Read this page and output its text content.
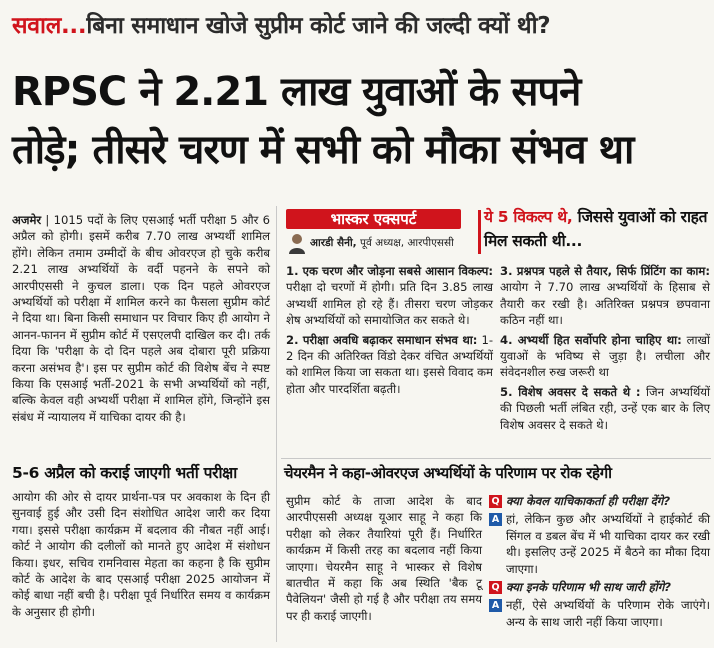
सवाल...बिना समाधान खोजे सुप्रीम कोर्ट जाने की जल्दी क्यों थी?
RPSC ने 2.21 लाख युवाओं के सपने
तोड़े; तीसरे चरण में सभी को मौका संभव था
अजमेर | 1015 पदों के लिए एसआई भर्ती परीक्षा 5 और 6 अप्रैल को होगी। इसमें करीब 7.70 लाख अभ्यर्थी शामिल होंगे। लेकिन तमाम उम्मीदों के बीच ओवरएज हो चुके करीब 2.21 लाख अभ्यर्थियों के वर्दी पहनने के सपने को आरपीएससी ने कुचल डाला। एक दिन पहले ओवरएज अभ्यर्थियों को परीक्षा में शामिल करने का फैसला सुप्रीम कोर्ट ने दिया था। बिना किसी समाधान पर विचार किए ही आयोग ने आनन-फानन में सुप्रीम कोर्ट में एसएलपी दाखिल कर दी। तर्क दिया कि 'परीक्षा के दो दिन पहले अब दोबारा पूरी प्रक्रिया करना असंभव है'। इस पर सुप्रीम कोर्ट की विशेष बेंच ने स्पष्ट किया कि एसआई भर्ती-2021 के सभी अभ्यर्थियों को नहीं, बल्कि केवल वही अभ्यर्थी परीक्षा में शामिल होंगे, जिन्होंने इस संबंध में न्यायालय में याचिका दायर की है।
5-6 अप्रैल को कराई जाएगी भर्ती परीक्षा
आयोग की ओर से दायर प्रार्थना-पत्र पर अवकाश के दिन ही सुनवाई हुई और उसी दिन संशोधित आदेश जारी कर दिया गया। इससे परीक्षा कार्यक्रम में बदलाव की नौबत नहीं आई। कोर्ट ने आयोग की दलीलों को मानते हुए आदेश में संशोधन किया। इधर, सचिव रामनिवास मेहता का कहना है कि सुप्रीम कोर्ट के आदेश के बाद एसआई परीक्षा 2025 आयोजन में कोई बाधा नहीं बची है। परीक्षा पूर्व निर्धारित समय व कार्यक्रम के अनुसार ही होगी।
भास्कर एक्सपर्ट
आरडी सैनी, पूर्व अध्यक्ष, आरपीएससी
ये 5 विकल्प थे, जिससे युवाओं को राहत मिल सकती थी...

1. एक चरण और जोड़ना सबसे आसान विकल्प: परीक्षा दो चरणों में होगी। प्रति दिन 3.85 लाख अभ्यर्थी शामिल हो रहे हैं। तीसरा चरण जोड़कर शेष अभ्यर्थियों को समायोजित कर सकते थे।

2. परीक्षा अवधि बढ़ाकर समाधान संभव था: 1-2 दिन की अतिरिक्त विंडो देकर वंचित अभ्यर्थियों को शामिल किया जा सकता था। इससे विवाद कम होता और पारदर्शिता बढ़ती।

3. प्रश्नपत्र पहले से तैयार, सिर्फ प्रिंटिंग का काम: आयोग ने 7.70 लाख अभ्यर्थियों के हिसाब से तैयारी कर रखी है। अतिरिक्त प्रश्नपत्र छपवाना कठिन नहीं था।

4. अभ्यर्थी हित सर्वोपरि होना चाहिए था: लाखों युवाओं के भविष्य से जुड़ा है। लचीला और संवेदनशील रुख जरूरी था

5. विशेष अवसर दे सकते थे : जिन अभ्यर्थियों की पिछली भर्ती लंबित रही, उन्हें एक बार के लिए विशेष अवसर दे सकते थे।

चेयरमैन ने कहा-ओवरएज अभ्यर्थियों के परिणाम पर रोक रहेगी
सुप्रीम कोर्ट के ताजा आदेश के बाद आरपीएससी अध्यक्ष यूआर साहू ने कहा कि परीक्षा को लेकर तैयारियां पूरी हैं। निर्धारित कार्यक्रम में किसी तरह का बदलाव नहीं किया जाएगा। चेयरमैन साहू ने भास्कर से विशेष बातचीत में कहा कि अब स्थिति 'बैक टू पैवेलियन' जैसी हो गई है और परीक्षा तय समय पर ही कराई जाएगी।
Q क्या केवल याचिकाकर्ता ही परीक्षा देंगे?
A हां, लेकिन कुछ और अभ्यर्थियों ने हाईकोर्ट की सिंगल व डबल बेंच में भी याचिका दायर कर रखी थी। इसलिए उन्हें 2025 में बैठने का मौका दिया जाएगा।
Q क्या इनके परिणाम भी साथ जारी होंगे?
A नहीं, ऐसे अभ्यर्थियों के परिणाम रोके जाएंगे। अन्य के साथ जारी नहीं किया जाएगा।
